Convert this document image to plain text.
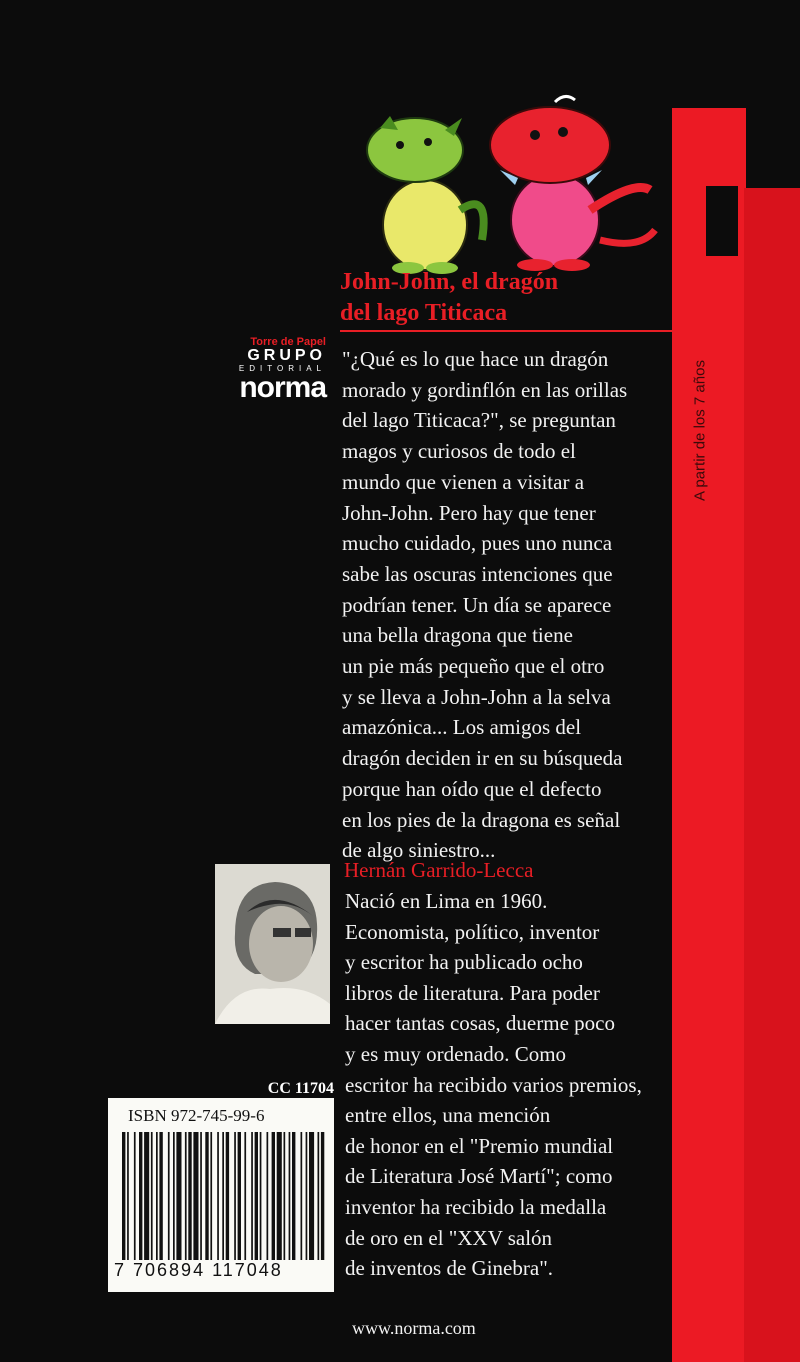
A partir de los 7 años
John-John, el dragón
del lago Titicaca
Torre de Papel
GRUPO
EDITORIAL
norma
"¿Qué es lo que hace un dragón
morado y gordinflón en las orillas
del lago Titicaca?", se preguntan
magos y curiosos de todo el
mundo que vienen a visitar a
John-John. Pero hay que tener
mucho cuidado, pues uno nunca
sabe las oscuras intenciones que
podrían tener. Un día se aparece
una bella dragona que tiene
un pie más pequeño que el otro
y se lleva a John-John a la selva
amazónica... Los amigos del
dragón deciden ir en su búsqueda
porque han oído que el defecto
en los pies de la dragona es señal
de algo siniestro...
Hernán Garrido-Lecca
Nació en Lima en 1960.
Economista, político, inventor
y escritor ha publicado ocho
libros de literatura. Para poder
hacer tantas cosas, duerme poco
y es muy ordenado. Como
escritor ha recibido varios premios,
entre ellos, una mención
de honor en el "Premio mundial
de Literatura José Martí"; como
inventor ha recibido la medalla
de oro en el "XXV salón
de inventos de Ginebra".
CC 11704
ISBN 972-745-99-6
7 706894 117048
www.norma.com
